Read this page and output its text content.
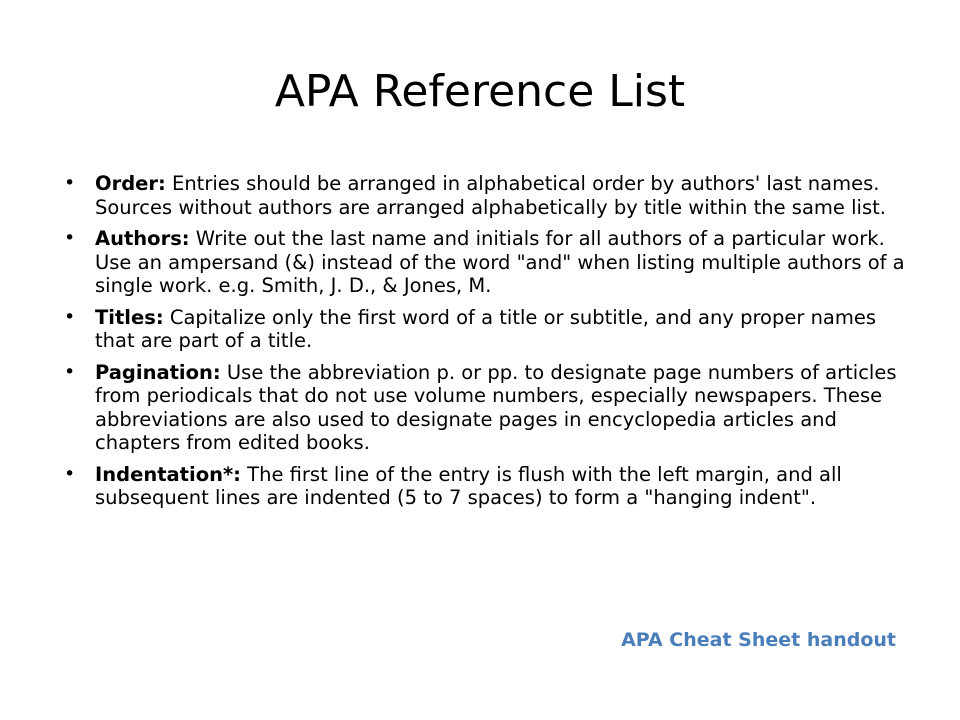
APA Reference List
• Order: Entries should be arranged in alphabetical order by authors' last names. Sources without authors are arranged alphabetically by title within the same list.
• Authors: Write out the last name and initials for all authors of a particular work. Use an ampersand (&) instead of the word "and" when listing multiple authors of a single work. e.g. Smith, J. D., & Jones, M.
• Titles: Capitalize only the first word of a title or subtitle, and any proper names that are part of a title.
• Pagination: Use the abbreviation p. or pp. to designate page numbers of articles from periodicals that do not use volume numbers, especially newspapers. These abbreviations are also used to designate pages in encyclopedia articles and chapters from edited books.
• Indentation*: The first line of the entry is flush with the left margin, and all subsequent lines are indented (5 to 7 spaces) to form a "hanging indent".
APA Cheat Sheet handout
